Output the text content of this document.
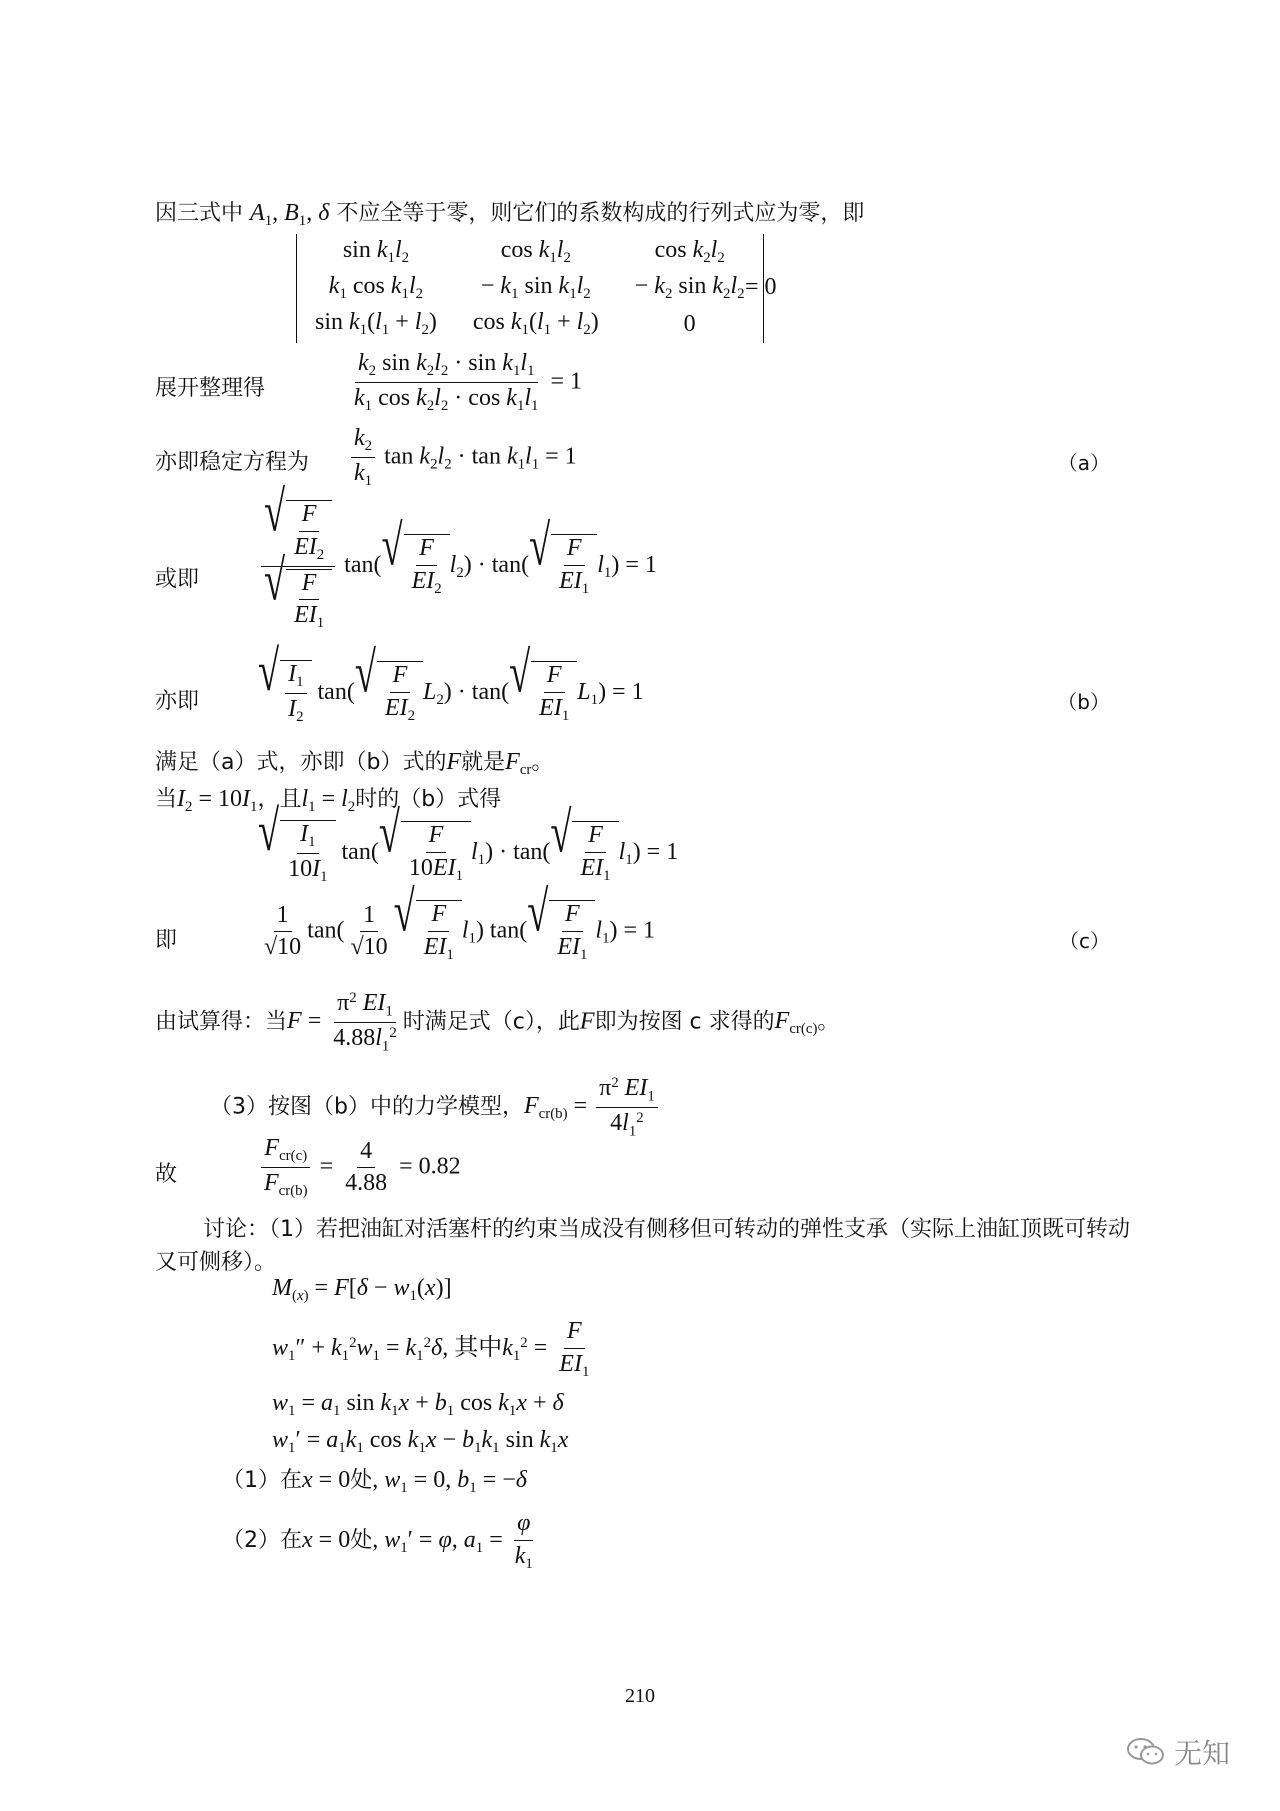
因三式中 $A_1$, $B_1$, δ 不应全等于零，则它们的系数构成的行列式应为零，即
$\sin k_1l_2$	$\cos k_1l_2$	$\cos k_2l_2$
$k_1$ $\cos k_1l_2$	− $k_1$ $\sin k_1l_2$	− $k_2$ $\sin k_2l_2$
$\sin k_1(l_1 + l_2)$	$\cos k_1(l_1 + l_2)$	0
= 0
展开整理得	$\frac{k_2 \sin k_2l_2 \cdot \sin k_1l_1}{k_1 \cos k_2l_2 \cdot \cos k_1l_1} = 1$
亦即稳定方程为 $\frac{k_2}{k_1}$ $\tan k_2l_2 \cdot \tan k_1l_1 = 1$	（a）
或即 $\frac{√ \frac{F}{EI_2}}{√ \frac{F}{EI_1}} \tan$( √ $\frac{F}{EI_2} l_2) \cdot \tan$( √ $\frac{F}{EI_1} l_1) = 1$
亦即 √ $\frac{I_1}{I_2} \tan$( √ $\frac{F}{EI_2} L_2) \cdot \tan$( √ $\frac{F}{EI_1} L_1) = 1$	（b）
满足（a）式，亦即（b）式的F就是$F_{cr}$。
当$I_2 = 10I_1$，且$l_1 = l_2$时的（b）式得
√ $\frac{I_1}{10I_1} \tan$( √ $\frac{F}{10EI_1} l_1) \cdot \tan$( √ $\frac{F}{EI_1} l_1) = 1$
即	$\frac{1}{√10} \tan( \frac{1}{√10}$ √ $\frac{F}{EI_1} l_1$) tan( √ $\frac{F}{EI_1} l_1) = 1$	（c）
由试算得：当$F = \frac{\pi^2 EI_1}{4.88l_1^2}$ 时满足式（c），此F即为按图 c 求得的$F_{cr(c)}$。
（3）按图（b）中的力学模型，$F_{cr(b)} = \frac{\pi^2 EI_1}{4l_1^2}$
故	$\frac{F_{cr(c)}}{F_{cr(b)}} = \frac{4}{4.88} = 0.82$
讨论：（1）若把油缸对活塞杆的约束当成没有侧移但可转动的弹性支承（实际上油缸顶既可转动又可侧移）。
$M_{(x)} = F[\delta - w_1(x)]$
$w_1'' + k_1^2w_1 = k_1^2\delta$, 其中$k_1^2 = \frac{F}{EI_1}$
$w_1 = a_1$ $\sin k_1x + b_1$ $\cos k_1x + \delta$
$w_1' = a_1k_1$ $\cos k_1x - b_1k_1$ $\sin k_1x$
（1）在x = 0处, $w_1 = 0$, $b_1 = -\delta$
（2）在x = 0处, $w_1' = \varphi$, $a_1 = \frac{\varphi}{k_1}$
210
无知
